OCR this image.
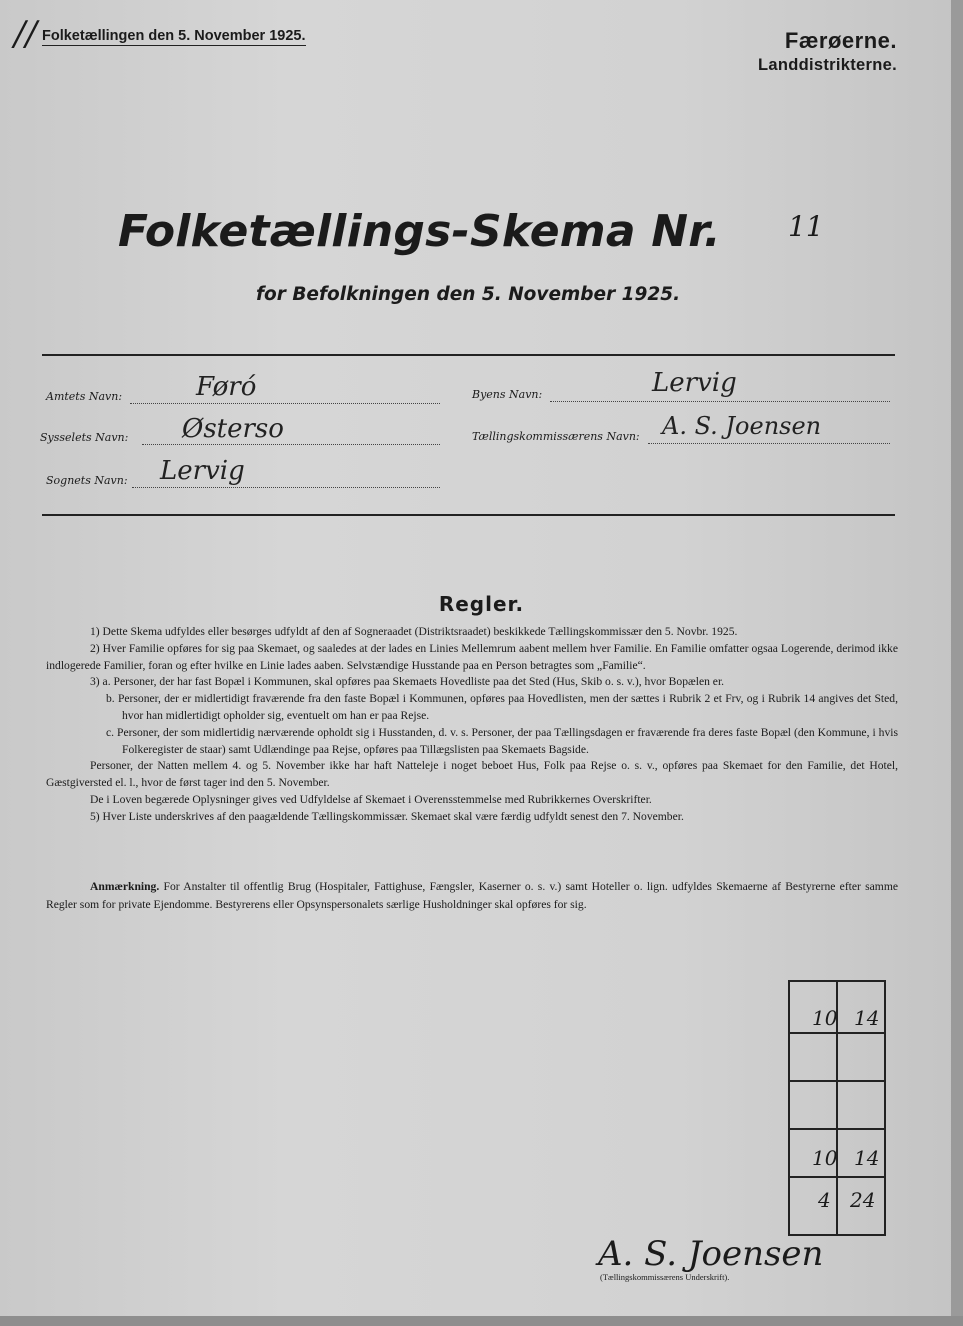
// Folketællingen den 5. November 1925.	Færøerne.
Landdistrikterne.
Folketællings-Skema Nr. 11
for Befolkningen den 5. November 1925.
Amtets Navn:	Føró
Sysselets Navn: Østerso
Sognets Navn: Lervig
Byens Navn:	Lervig
Tællingskommissærens Navn: A. S. Joensen
Regler.

1) Dette Skema udfyldes eller besørges udfyldt af den af Sogneraadet (Distriktsraadet) beskikkede Tællingskommissær den 5. Novbr. 1925.

2) Hver Familie opføres for sig paa Skemaet, og saaledes at der lades en Linies Mellemrum aabent mellem hver Familie. En Familie omfatter ogsaa Logerende, derimod ikke indlogerede Familier, foran og efter hvilke en Linie lades aaben. Selvstændige Husstande paa en Person betragtes som „Familie“.

3) a. Personer, der har fast Bopæl i Kommunen, skal opføres paa Skemaets Hovedliste paa det Sted (Hus, Skib o. s. v.), hvor Bopælen er.

b. Personer, der er midlertidigt fraværende fra den faste Bopæl i Kommunen, opføres paa Hovedlisten, men der sættes i Rubrik 2 et Frv, og i Rubrik 14 angives det Sted, hvor han midlertidigt opholder sig, eventuelt om han er paa Rejse.

c. Personer, der som midlertidig nærværende opholdt sig i Husstanden, d. v. s. Personer, der paa Tællingsdagen er fraværende fra deres faste Bopæl (den Kommune, i hvis Folkeregister de staar) samt Udlændinge paa Rejse, opføres paa Tillægslisten paa Skemaets Bagside.

Personer, der Natten mellem 4. og 5. November ikke har haft Natteleje i noget beboet Hus, Folk paa Rejse o. s. v., opføres paa Skemaet for den Familie, det Hotel, Gæstgiversted el. l., hvor de først tager ind den 5. November.

De i Loven begærede Oplysninger gives ved Udfyldelse af Skemaet i Overensstemmelse med Rubrikkernes Overskrifter.

5) Hver Liste underskrives af den paagældende Tællingskommissær. Skemaet skal være færdig udfyldt senest den 7. November.

Anmærkning. For Anstalter til offentlig Brug (Hospitaler, Fattighuse, Fængsler, Kaserner o. s. v.) samt Hoteller o. lign. udfyldes Skemaerne af Bestyrerne efter samme Regler som for private Ejendomme. Bestyrerens eller Opsynspersonalets særlige Husholdninger skal opføres for sig.
10 14
10 14
4 24
A. S. Joensen
(Tællingskommissærens Underskrift).
